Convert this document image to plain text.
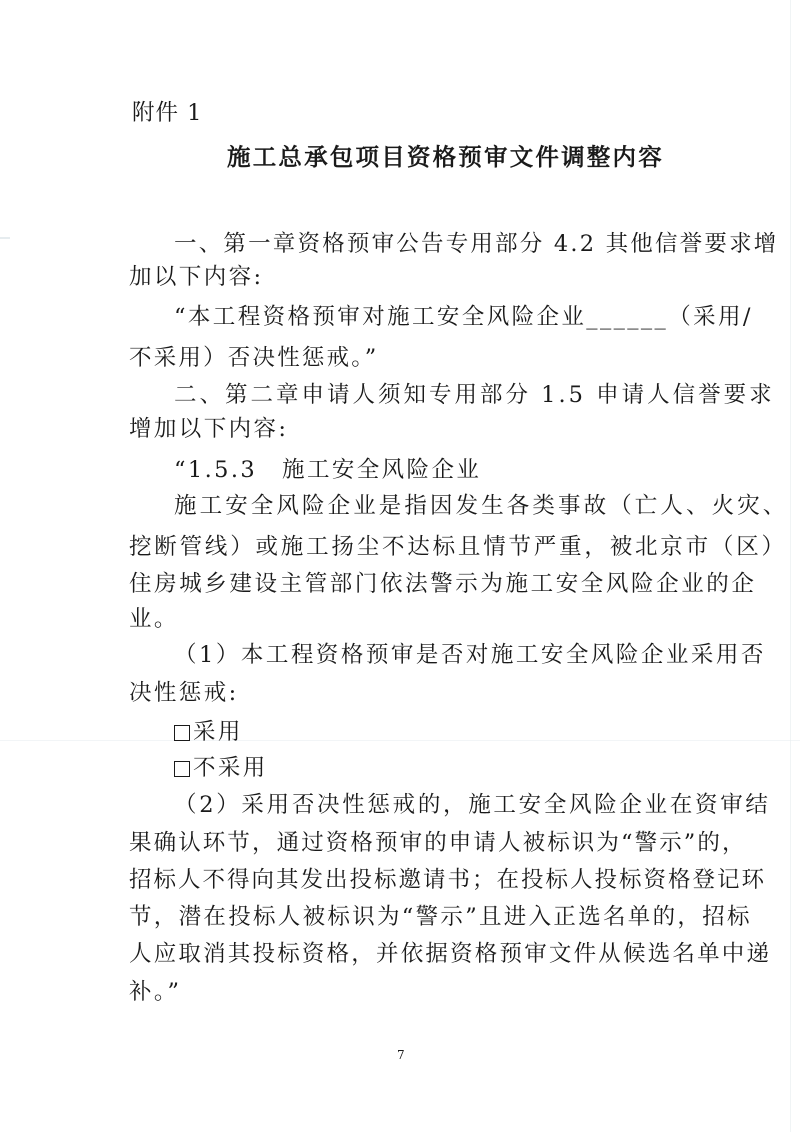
附件 1
施工总承包项目资格预审文件调整内容
一、第一章资格预审公告专用部分 4.2 其他信誉要求增
加以下内容:
“本工程资格预审对施工安全风险企业______（采用/
不采用）否决性惩戒。”
二、第二章申请人须知专用部分 1.5 申请人信誉要求
增加以下内容:
“1.5.3　施工安全风险企业
施工安全风险企业是指因发生各类事故（亡人、火灾、
挖断管线）或施工扬尘不达标且情节严重，被北京市（区）
住房城乡建设主管部门依法警示为施工安全风险企业的企
业。
（1）本工程资格预审是否对施工安全风险企业采用否
决性惩戒:
采用
不采用
（2）采用否决性惩戒的，施工安全风险企业在资审结
果确认环节，通过资格预审的申请人被标识为“警示”的，
招标人不得向其发出投标邀请书；在投标人投标资格登记环
节，潜在投标人被标识为“警示”且进入正选名单的，招标
人应取消其投标资格，并依据资格预审文件从候选名单中递
补。”
7
